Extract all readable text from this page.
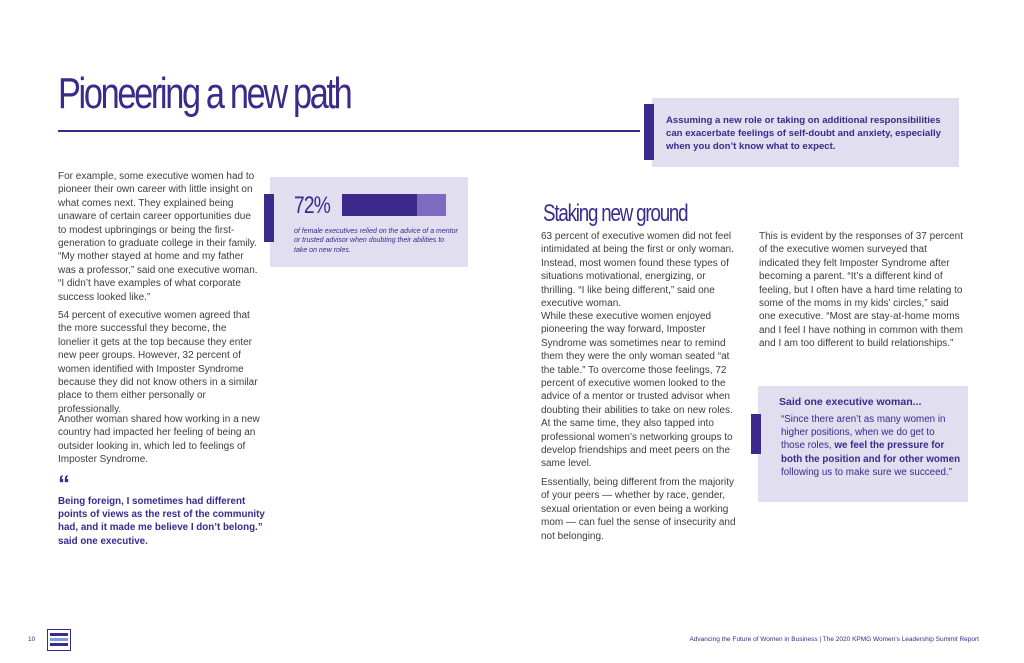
Pioneering a new path

Assuming a new role or taking on additional responsibilities can exacerbate feelings of self-doubt and anxiety, especially when you don’t know what to expect.

For example, some executive women had to pioneer their own career with little insight on what comes next. They explained being unaware of certain career opportunities due to modest upbringings or being the first-generation to graduate college in their family. “My mother stayed at home and my father was a professor,” said one executive woman. “I didn’t have examples of what corporate success looked like.”
54 percent of executive women agreed that the more successful they become, the lonelier it gets at the top because they enter new peer groups. However, 32 percent of women identified with Imposter Syndrome because they did not know others in a similar place to them either personally or professionally.
Another woman shared how working in a new country had impacted her feeling of being an outsider looking in, which led to feelings of Imposter Syndrome.
“

Being foreign, I sometimes had different points of views as the rest of the community had, and it made me believe I don’t belong.” said one executive.

72%

of female executives relied on the advice of a mentor or trusted advisor when doubting their abilities to take on new roles.

Staking new ground
63 percent of executive women did not feel intimidated at being the first or only woman. Instead, most women found these types of situations motivational, energizing, or thrilling. “I like being different,” said one executive woman.
While these executive women enjoyed pioneering the way forward, Imposter Syndrome was sometimes near to remind them they were the only woman seated “at the table.” To overcome those feelings, 72 percent of executive women looked to the advice of a mentor or trusted advisor when doubting their abilities to take on new roles. At the same time, they also tapped into professional women’s networking groups to develop friendships and meet peers on the same level.
Essentially, being different from the majority of your peers — whether by race, gender, sexual orientation or even being a working mom — can fuel the sense of insecurity and not belonging.
This is evident by the responses of 37 percent of the executive women surveyed that indicated they felt Imposter Syndrome after becoming a parent. “It’s a different kind of feeling, but I often have a hard time relating to some of the moms in my kids’ circles,” said one executive. “Most are stay-at-home moms and I feel I have nothing in common with them and I am too different to build relationships.”
Said one executive woman...

“Since there aren’t as many women in higher positions, when we do get to those roles, we feel the pressure for both the position and for other women following us to make sure we succeed.”

10	Advancing the Future of Women in Business | The 2020 KPMG Women’s Leadership Summit Report
